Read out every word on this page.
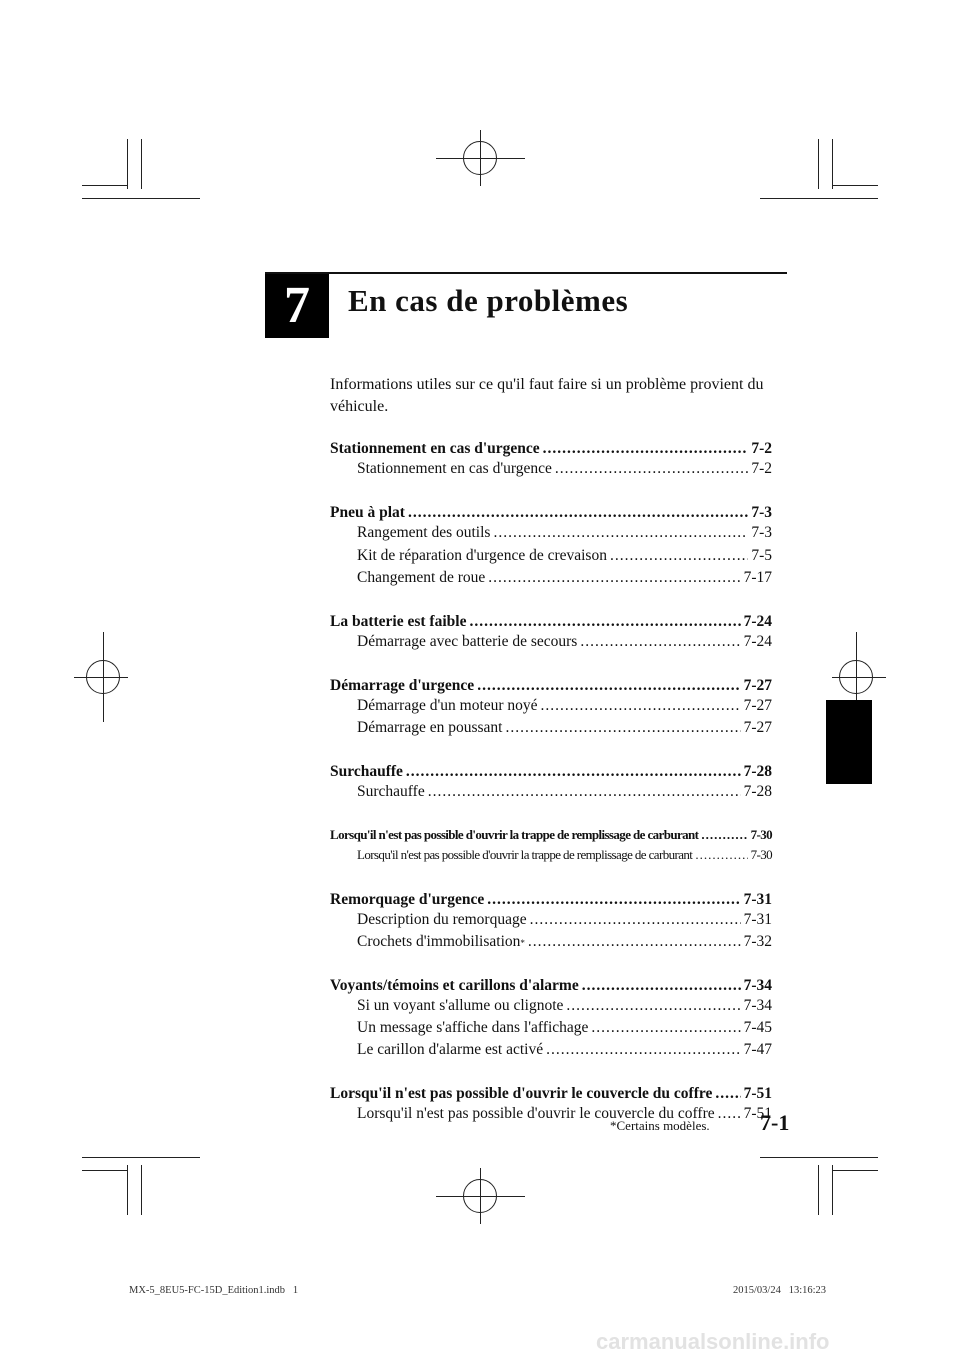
7	En cas de problèmes
Informations utiles sur ce qu'il faut faire si un problème provient du véhicule.
Stationnement en cas d'urgence .....	7-2
Stationnement en cas d'urgence .....	7-2
Pneu à plat .....	7-3
Rangement des outils .....	7-3
Kit de réparation d'urgence de crevaison .....	7-5
Changement de roue .....	7-17
La batterie est faible .....	7-24
Démarrage avec batterie de secours .....	7-24
Démarrage d'urgence .....	7-27
Démarrage d'un moteur noyé .....	7-27
Démarrage en poussant .....	7-27
Surchauffe .....	7-28
Surchauffe .....	7-28
Lorsqu'il n'est pas possible d'ouvrir la trappe de remplissage de carburant .....	7-30
Lorsqu'il n'est pas possible d'ouvrir la trappe de remplissage de carburant .....	7-30
Remorquage d'urgence .....	7-31
Description du remorquage .....	7-31
Crochets d'immobilisation * .....	7-32
Voyants/témoins et carillons d'alarme .....	7-34
Si un voyant s'allume ou clignote .....	7-34
Un message s'affiche dans l'affichage .....	7-45
Le carillon d'alarme est activé .....	7-47
Lorsqu'il n'est pas possible d'ouvrir le couvercle du coffre ..... 7-51
Lorsqu'il n'est pas possible d'ouvrir le couvercle du coffre ..... 7-51
*Certains modèles. 7-1
MX-5_8EU5-FC-15D_Edition1.indb   1	2015/03/24   13:16:23
carmanualsonline.info
